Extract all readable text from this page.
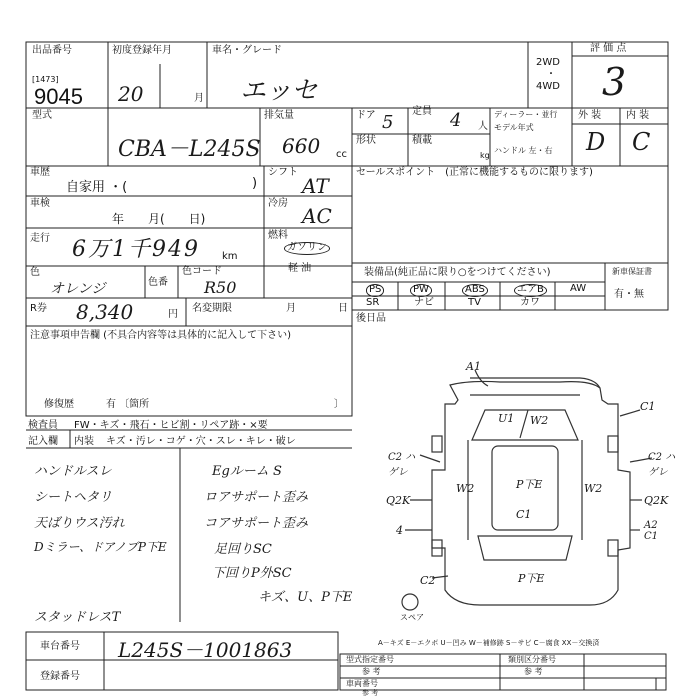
出品番号
[1473]
9045
初度登録年月
20	月
車名・グレード
エッセ
2WD
・
4WD
評 価 点
3
型式
CBA－L245S
排気量
660 cc
ドア 5
定員 4 人
形状	積載
kg
ディーラー・並行
モデル年式
ハンドル 左・右
外 装 内 装
D C
車歴
自家用 ・(	)
車検
年　　月(　　日)
走行 6万1千949 km
色
オレンジ	色番
色コード
R50
シフト
AT
冷房
AC
燃料
ガソリン
軽 油
セールスポイント　(正常に機能するものに限ります)
装備品(純正品に限り○をつけてください)	新車保証書
有・無
PS	PW	ABS	エアB	AW
SR	ナビ	TV	カワ
R券 8,340	円
名変期限	月	日
後日品
注意事項申告欄 (不具合内容等は具体的に記入して下さい)
修復歴	有 〔箇所	〕
検査員 FW・キズ・飛石・ヒビ割・リペア跡・×要
記入欄 内装 キズ・汚レ・コゲ・穴・スレ・キレ・破レ
ハンドルスレ
シートヘタリ
天ばりウス汚れ
Dミラー、ドアノブP下E
スタッドレスT
Egルーム S
ロアサポート歪み
コアサポート歪み
足回りSC
下回りP外SC
キズ、U、P下E
A1
U1 W2
C1
C2 ハゲレ
C2 ハゲレ
W2	W2
P下E
Q2K	Q2K
C1
4	A2 C1
C2	P下E
スペア
A－キズ E－エクボ U－凹み W－補修跡 S－サビ C－腐食 XX－交換済
車台番号 L245S－1001863
登録番号
型式指定番号
参 考
類別区分番号
参 考
車両番号
参 考
